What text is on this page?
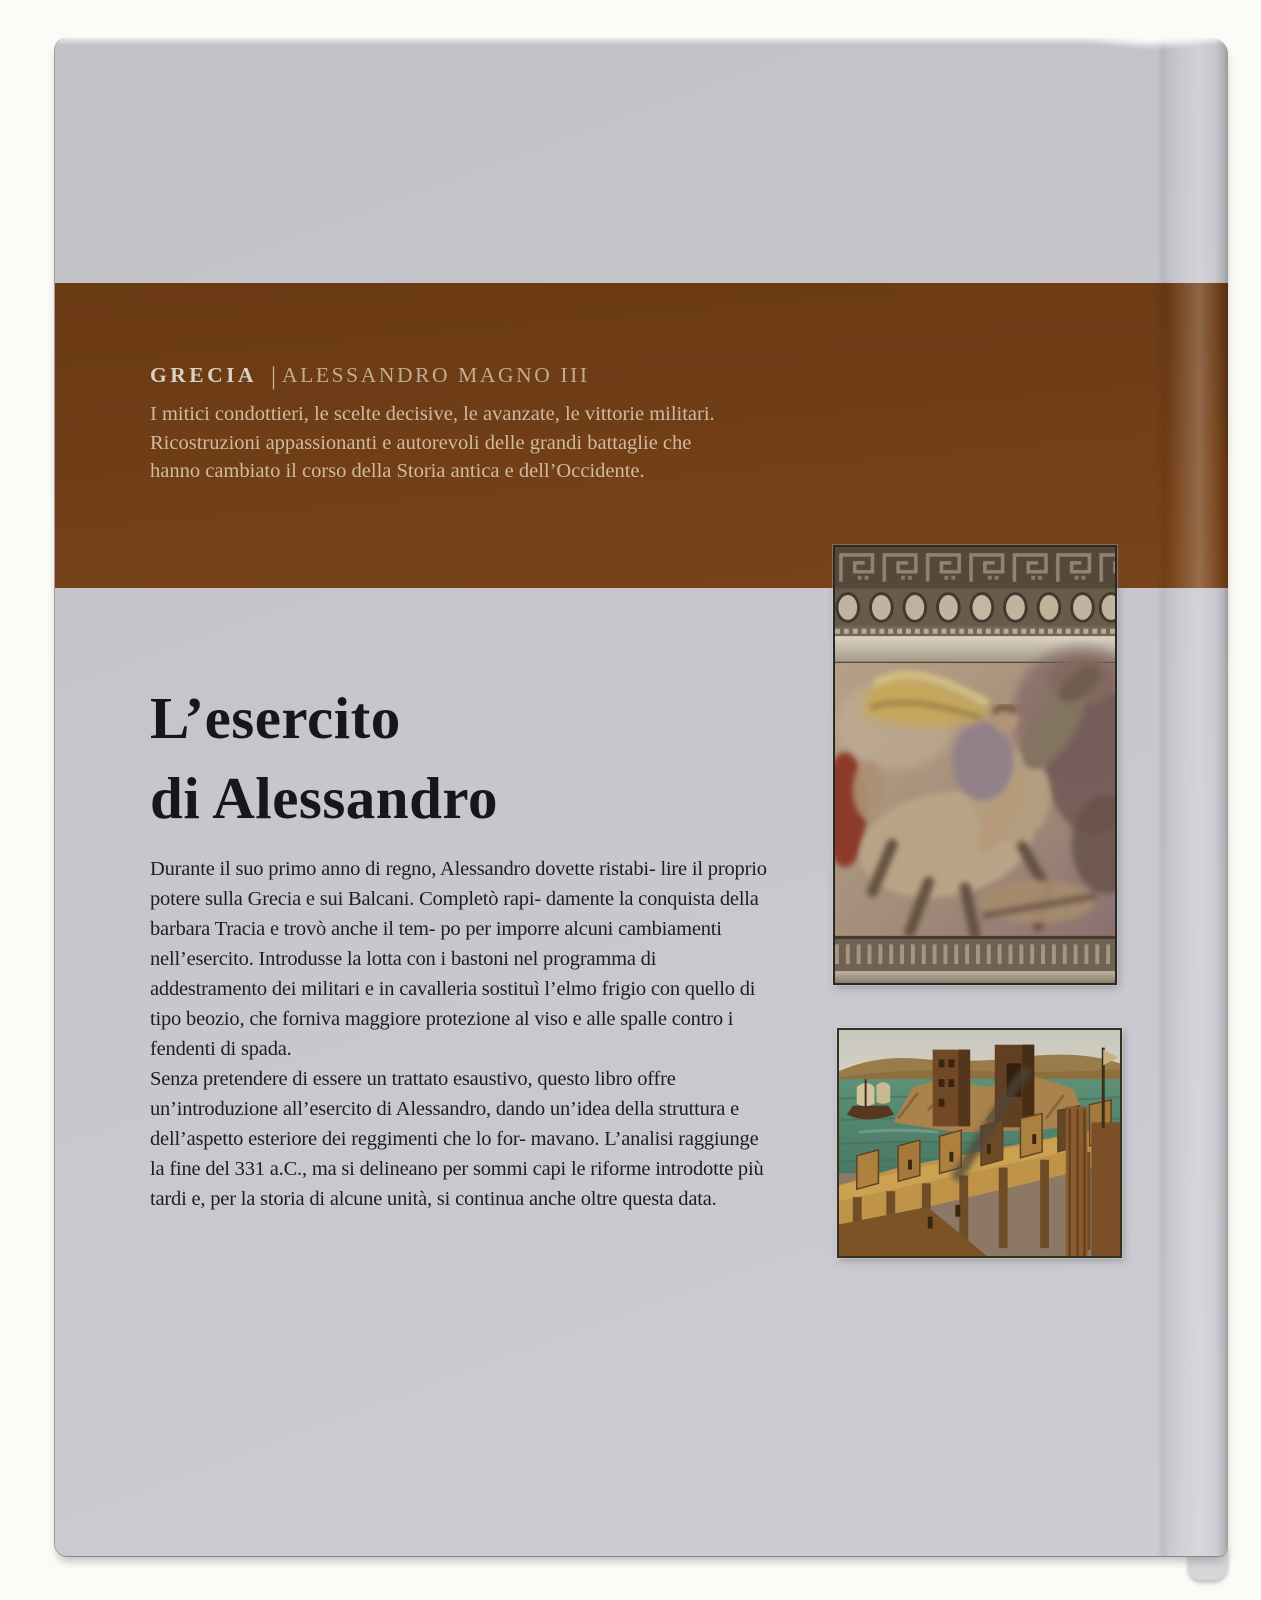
GRECIA | ALESSANDRO MAGNO III
I mitici condottieri, le scelte decisive, le avanzate, le vittorie militari.
Ricostruzioni appassionanti e autorevoli delle grandi battaglie che
hanno cambiato il corso della Storia antica e dell’Occidente.
L’esercito
di Alessandro

Durante il suo primo anno di regno, Alessandro dovette ristabi- lire il proprio potere sulla Grecia e sui Balcani. Completò rapi- damente la conquista della barbara Tracia e trovò anche il tem- po per imporre alcuni cambiamenti nell’esercito. Introdusse la lotta con i bastoni nel programma di addestramento dei militari e in cavalleria sostituì l’elmo frigio con quello di tipo beozio, che forniva maggiore protezione al viso e alle spalle contro i fendenti di spada.

Senza pretendere di essere un trattato esaustivo, questo libro offre un’introduzione all’esercito di Alessandro, dando un’idea della struttura e dell’aspetto esteriore dei reggimenti che lo for- mavano. L’analisi raggiunge la fine del 331 a.C., ma si delineano per sommi capi le riforme introdotte più tardi e, per la storia di alcune unità, si continua anche oltre questa data.
